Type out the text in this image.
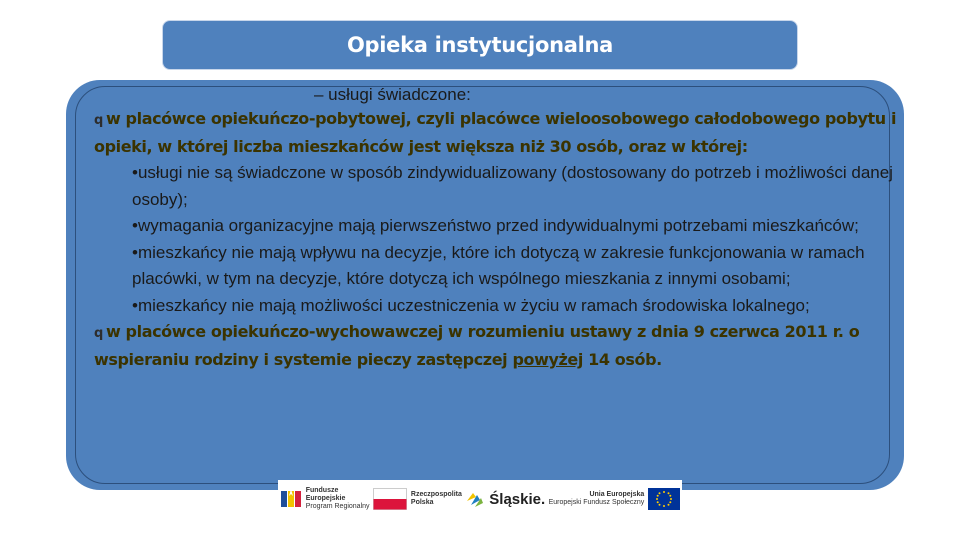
Opieka instytucjonalna

– usługi świadczone:

q w placówce opiekuńczo-pobytowej, czyli placówce wieloosobowego całodobowego pobytu i opieki, w której liczba mieszkańców jest większa niż 30 osób, oraz w której:

•usługi nie są świadczone w sposób zindywidualizowany (dostosowany do potrzeb i możliwości danej osoby);
•wymagania organizacyjne mają pierwszeństwo przed indywidualnymi potrzebami mieszkańców;
•mieszkańcy nie mają wpływu na decyzje, które ich dotyczą w zakresie funkcjonowania w ramach placówki, w tym na decyzje, które dotyczą ich wspólnego mieszkania z innymi osobami;
•mieszkańcy nie mają możliwości uczestniczenia w życiu w ramach środowiska lokalnego;

q w placówce opiekuńczo-wychowawczej w rozumieniu ustawy z dnia 9 czerwca 2011 r. o wspieraniu rodziny i systemie pieczy zastępczej powyżej 14 osób.

Fundusze
Europejskie
Program Regionalny
Rzeczpospolita
Polska	Śląskie.	Unia Europejska
Europejski Fundusz Społeczny
